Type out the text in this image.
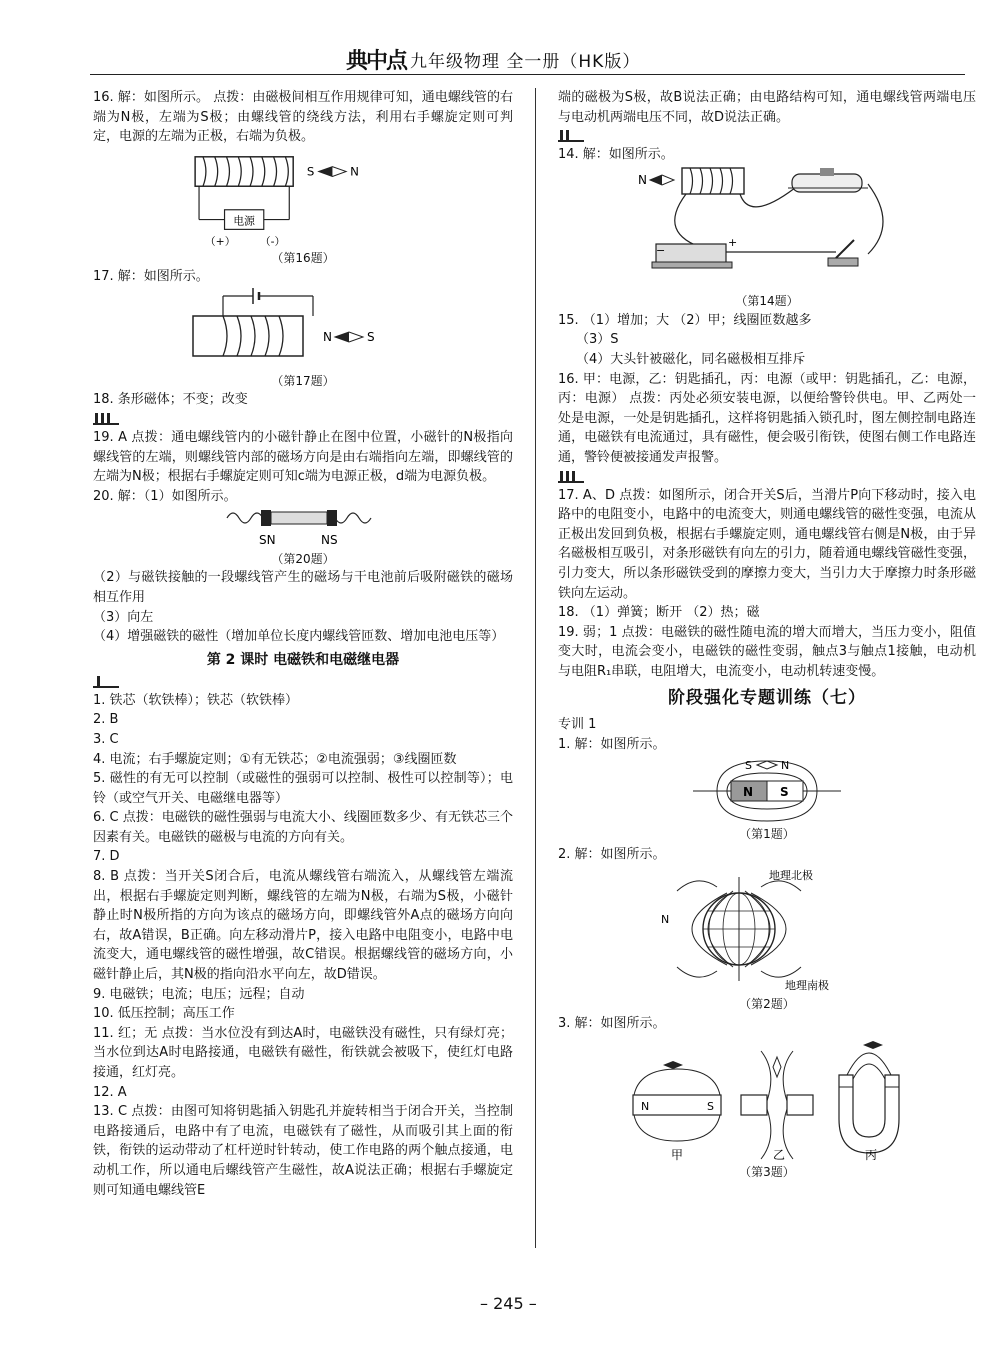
典中点 九年级物理 全一册（HK版）

16. 解：如图所示。 点拨：由磁极间相互作用规律可知，通电螺线管的右端为N极，左端为S极；由螺线管的绕线方法，利用右手螺旋定则可判定，电源的左端为正极，右端为负极。

电源
（+） （-）
S	N
（第16题）

17. 解：如图所示。

N	S
（第17题）

18. 条形磁体；不变；改变

19. A 点拨：通电螺线管内的小磁针静止在图中位置，小磁针的N极指向螺线管的左端，则螺线管内部的磁场方向是由右端指向左端，即螺线管的左端为N极；根据右手螺旋定则可知c端为电源正极，d端为电源负极。

20. 解：（1）如图所示。

SN	NS
（第20题）

（2）与磁铁接触的一段螺线管产生的磁场与干电池前后吸附磁铁的磁场相互作用

（3）向左

（4）增强磁铁的磁性（增加单位长度内螺线管匝数、增加电池电压等）

第 2 课时 电磁铁和电磁继电器

1. 铁芯（软铁棒）；铁芯（软铁棒）

2. B

3. C

4. 电流；右手螺旋定则；①有无铁芯；②电流强弱；③线圈匝数

5. 磁性的有无可以控制（或磁性的强弱可以控制、极性可以控制等）；电铃（或空气开关、电磁继电器等）

6. C 点拨：电磁铁的磁性强弱与电流大小、线圈匝数多少、有无铁芯三个因素有关。电磁铁的磁极与电流的方向有关。

7. D

8. B 点拨：当开关S闭合后，电流从螺线管右端流入，从螺线管左端流出，根据右手螺旋定则判断，螺线管的左端为N极，右端为S极，小磁针静止时N极所指的方向为该点的磁场方向，即螺线管外A点的磁场方向向右，故A错误，B正确。向左移动滑片P，接入电路中电阻变小，电路中电流变大，通电螺线管的磁性增强，故C错误。根据螺线管的磁场方向，小磁针静止后，其N极的指向沿水平向左，故D错误。

9. 电磁铁；电流；电压；远程；自动

10. 低压控制；高压工作

11. 红；无 点拨：当水位没有到达A时，电磁铁没有磁性，只有绿灯亮；当水位到达A时电路接通，电磁铁有磁性，衔铁就会被吸下，使红灯电路接通，红灯亮。

12. A

13. C 点拨：由图可知将钥匙插入钥匙孔并旋转相当于闭合开关，当控制电路接通后，电路中有了电流，电磁铁有了磁性，从而吸引其上面的衔铁，衔铁的运动带动了杠杆逆时针转动，使工作电路的两个触点接通，电动机工作，所以通电后螺线管产生磁性，故A说法正确；根据右手螺旋定则可知通电螺线管E

端的磁极为S极，故B说法正确；由电路结构可知，通电螺线管两端电压与电动机两端电压不同，故D说法正确。

14. 解：如图所示。

N
−
+
（第14题）

15. （1）增加；大 （2）甲；线圈匝数越多

（3）S

（4）大头针被磁化，同名磁极相互排斥

16. 甲：电源，乙：钥匙插孔，丙：电源（或甲：钥匙插孔，乙：电源，丙：电源） 点拨：丙处必须安装电源，以便给警铃供电。甲、乙两处一处是电源，一处是钥匙插孔，这样将钥匙插入锁孔时，图左侧控制电路连通，电磁铁有电流通过，具有磁性，便会吸引衔铁，使图右侧工作电路连通，警铃便被接通发声报警。

17. A、D 点拨：如图所示，闭合开关S后，当滑片P向下移动时，接入电路中的电阻变小，电路中的电流变大，则通电螺线管的磁性变强，电流从正极出发回到负极，根据右手螺旋定则，通电螺线管右侧是N极，由于异名磁极相互吸引，对条形磁铁有向左的引力，随着通电螺线管磁性变强，引力变大，所以条形磁铁受到的摩擦力变大，当引力大于摩擦力时条形磁铁向左运动。

18. （1）弹簧；断开 （2）热；磁

19. 弱；1 点拨：电磁铁的磁性随电流的增大而增大，当压力变小，阻值变大时，电流会变小，电磁铁的磁性变弱，触点3与触点1接触，电动机与电阻R₁串联，电阻增大，电流变小，电动机转速变慢。

阶段强化专题训练（七）

专训 1

1. 解：如图所示。

N S
S	N
（第1题）

2. 解：如图所示。

N
地理北极
地理南极
（第2题）

3. 解：如图所示。

N	S
甲	乙	丙
（第3题）
– 245 –
